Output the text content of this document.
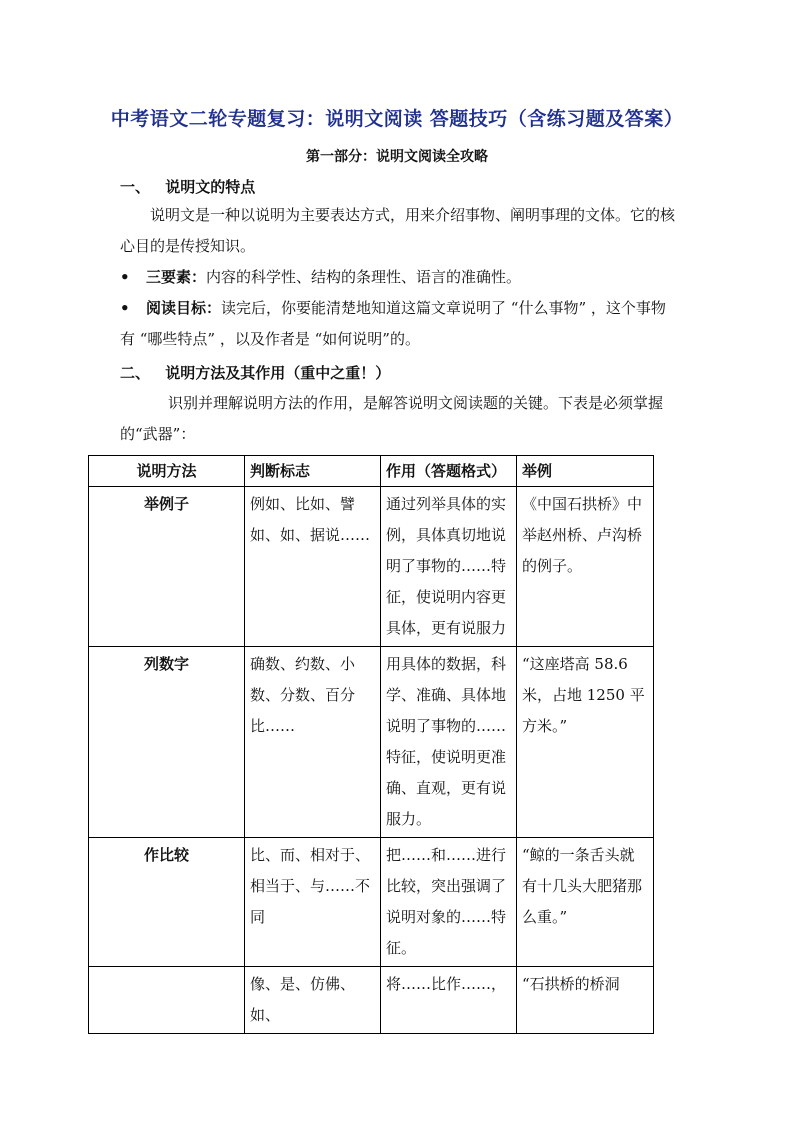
中考语文二轮专题复习：说明文阅读 答题技巧（含练习题及答案）
第一部分：说明文阅读全攻略
一、 说明文的特点
说明文是一种以说明为主要表达方式，用来介绍事物、阐明事理的文体。它的核心目的是传授知识。
• 三要素：内容的科学性、结构的条理性、语言的准确性。
• 阅读目标：读完后，你要能清楚地知道这篇文章说明了 “什么事物” ，这个事物有 “哪些特点” ，以及作者是 “如何说明”的。
二、 说明方法及其作用（重中之重！）
识别并理解说明方法的作用，是解答说明文阅读题的关键。下表是必须掌握的“武器”：
说明方法	判断标志	作用（答题格式）	举例
举例子	例如、比如、譬如、如、据说……	通过列举具体的实例，具体真切地说明了事物的……特征，使说明内容更具体，更有说服力	《中国石拱桥》中举赵州桥、卢沟桥的例子。
列数字	确数、约数、小数、分数、百分比……	用具体的数据，科学、准确、具体地说明了事物的……特征，使说明更准确、直观，更有说服力。	“这座塔高 58.6 米，占地 1250 平方米。”
作比较	比、而、相对于、相当于、与……不同	把……和……进行比较，突出强调了说明对象的……特征。	“鲸的一条舌头就有十几头大肥猪那么重。”
	像、是、仿佛、如、	将……比作……，	“石拱桥的桥洞
